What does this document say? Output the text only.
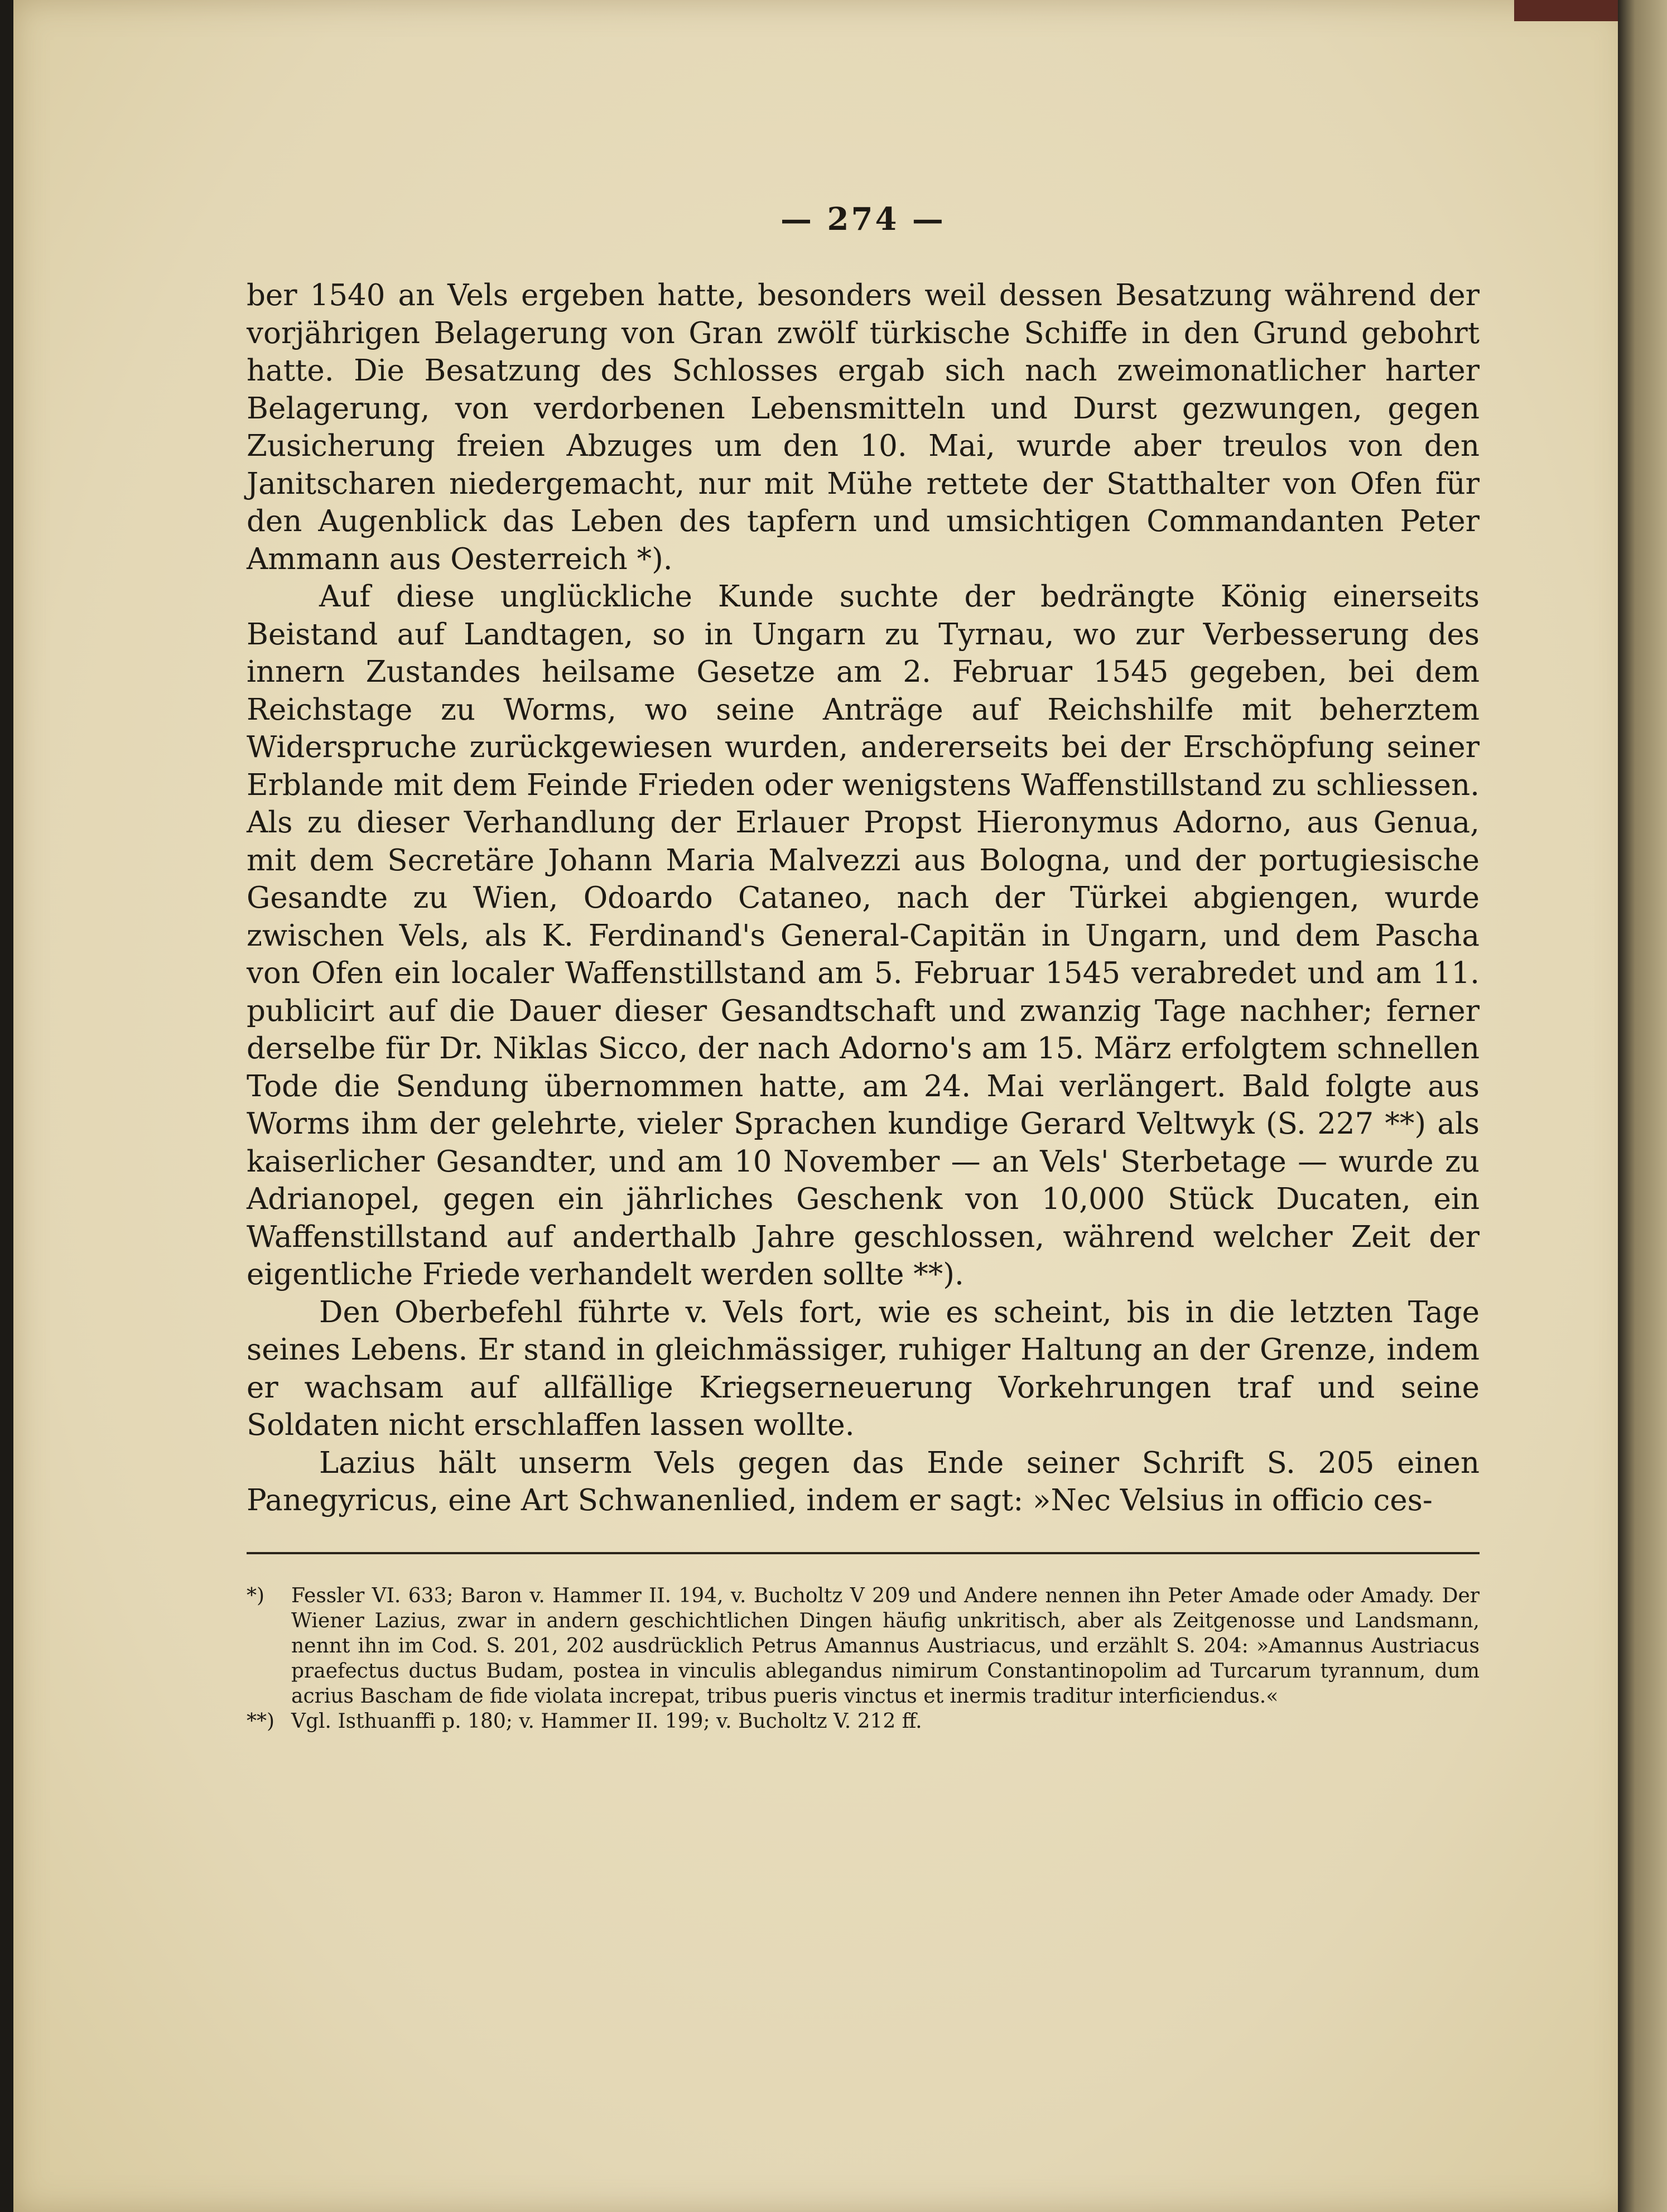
— 274 —

ber 1540 an Vels ergeben hatte, besonders weil dessen Besatzung während der vorjährigen Belagerung von Gran zwölf türkische Schiffe in den Grund gebohrt hatte. Die Besatzung des Schlosses ergab sich nach zweimonatlicher harter Belagerung, von verdorbenen Lebensmitteln und Durst gezwungen, gegen Zusicherung freien Abzuges um den 10. Mai, wurde aber treulos von den Janitscharen niedergemacht, nur mit Mühe rettete der Statthalter von Ofen für den Augenblick das Leben des tapfern und umsichtigen Commandanten Peter Ammann aus Oesterreich *).

Auf diese unglückliche Kunde suchte der bedrängte König einerseits Beistand auf Landtagen, so in Ungarn zu Tyrnau, wo zur Verbesserung des innern Zustandes heilsame Gesetze am 2. Februar 1545 gegeben, bei dem Reichstage zu Worms, wo seine Anträge auf Reichshilfe mit beherztem Widerspruche zurückgewiesen wurden, andererseits bei der Erschöpfung seiner Erblande mit dem Feinde Frieden oder wenigstens Waffenstillstand zu schliessen. Als zu dieser Verhandlung der Erlauer Propst Hieronymus Adorno, aus Genua, mit dem Secretäre Johann Maria Malvezzi aus Bologna, und der portugiesische Gesandte zu Wien, Odoardo Cataneo, nach der Türkei abgiengen, wurde zwischen Vels, als K. Ferdinand's General-Capitän in Ungarn, und dem Pascha von Ofen ein localer Waffenstillstand am 5. Februar 1545 verabredet und am 11. publicirt auf die Dauer dieser Gesandtschaft und zwanzig Tage nachher; ferner derselbe für Dr. Niklas Sicco, der nach Adorno's am 15. März erfolgtem schnellen Tode die Sendung übernommen hatte, am 24. Mai verlängert. Bald folgte aus Worms ihm der gelehrte, vieler Sprachen kundige Gerard Veltwyk (S. 227 **) als kaiserlicher Gesandter, und am 10 November — an Vels' Sterbetage — wurde zu Adrianopel, gegen ein jährliches Geschenk von 10,000 Stück Ducaten, ein Waffenstillstand auf anderthalb Jahre geschlossen, während welcher Zeit der eigentliche Friede verhandelt werden sollte **).

Den Oberbefehl führte v. Vels fort, wie es scheint, bis in die letzten Tage seines Lebens. Er stand in gleichmässiger, ruhiger Haltung an der Grenze, indem er wachsam auf allfällige Kriegserneuerung Vorkehrungen traf und seine Soldaten nicht erschlaffen lassen wollte.

Lazius hält unserm Vels gegen das Ende seiner Schrift S. 205 einen Panegyricus, eine Art Schwanenlied, indem er sagt: »Nec Velsius in officio ces-

*) Fessler VI. 633; Baron v. Hammer II. 194, v. Bucholtz V 209 und Andere nennen ihn Peter Amade oder Amady. Der Wiener Lazius, zwar in andern geschichtlichen Dingen häufig unkritisch, aber als Zeitgenosse und Landsmann, nennt ihn im Cod. S. 201, 202 ausdrücklich Petrus Amannus Austriacus, und erzählt S. 204: »Amannus Austriacus praefectus ductus Budam, postea in vinculis ablegandus nimirum Constantinopolim ad Turcarum tyrannum, dum acrius Bascham de fide violata increpat, tribus pueris vinctus et inermis traditur interficiendus.«
**) Vgl. Isthuanffi p. 180; v. Hammer II. 199; v. Bucholtz V. 212 ff.
